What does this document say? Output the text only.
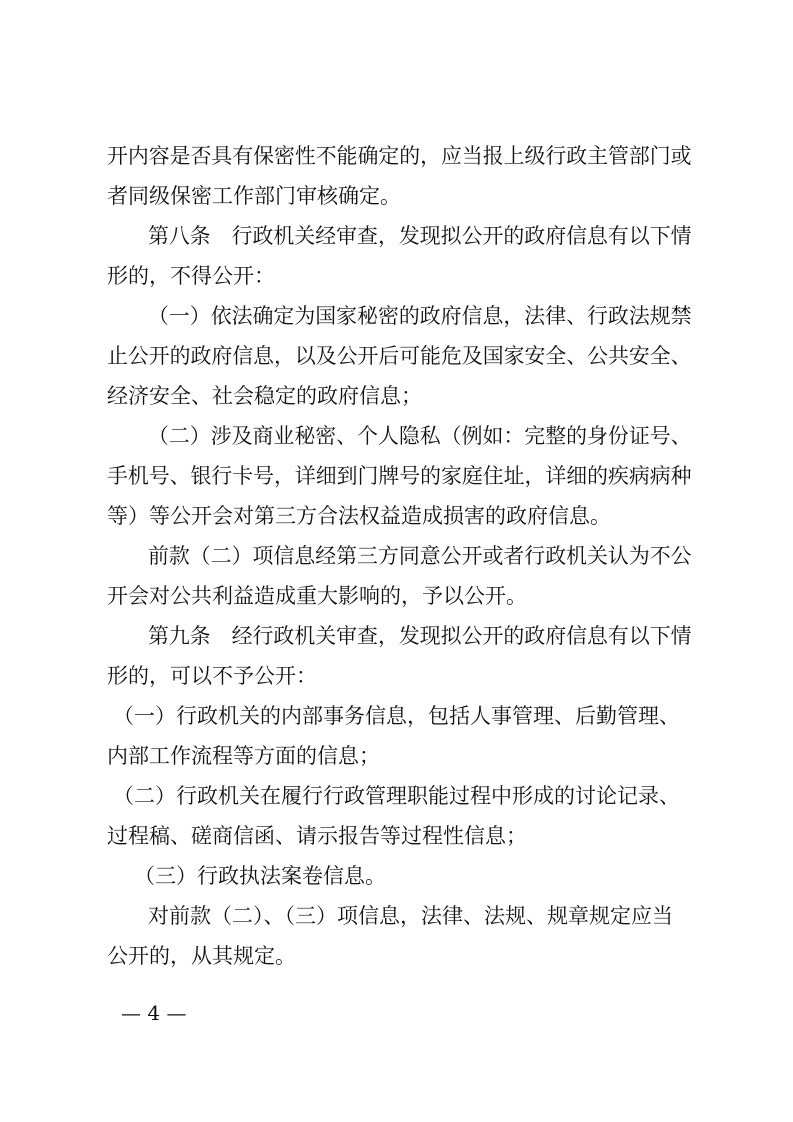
开内容是否具有保密性不能确定的，应当报上级行政主管部门或
者同级保密工作部门审核确定。
第八条　行政机关经审查，发现拟公开的政府信息有以下情
形的，不得公开：
（一）依法确定为国家秘密的政府信息，法律、行政法规禁
止公开的政府信息，以及公开后可能危及国家安全、公共安全、
经济安全、社会稳定的政府信息；
（二）涉及商业秘密、个人隐私（例如：完整的身份证号、
手机号、银行卡号，详细到门牌号的家庭住址，详细的疾病病种
等）等公开会对第三方合法权益造成损害的政府信息。
前款（二）项信息经第三方同意公开或者行政机关认为不公
开会对公共利益造成重大影响的，予以公开。
第九条　经行政机关审查，发现拟公开的政府信息有以下情
形的，可以不予公开：
（一）行政机关的内部事务信息，包括人事管理、后勤管理、
内部工作流程等方面的信息；
（二）行政机关在履行行政管理职能过程中形成的讨论记录、
过程稿、磋商信函、请示报告等过程性信息；
（三）行政执法案卷信息。
对前款（二）、（三）项信息，法律、法规、规章规定应当
公开的，从其规定。
— 4 —
